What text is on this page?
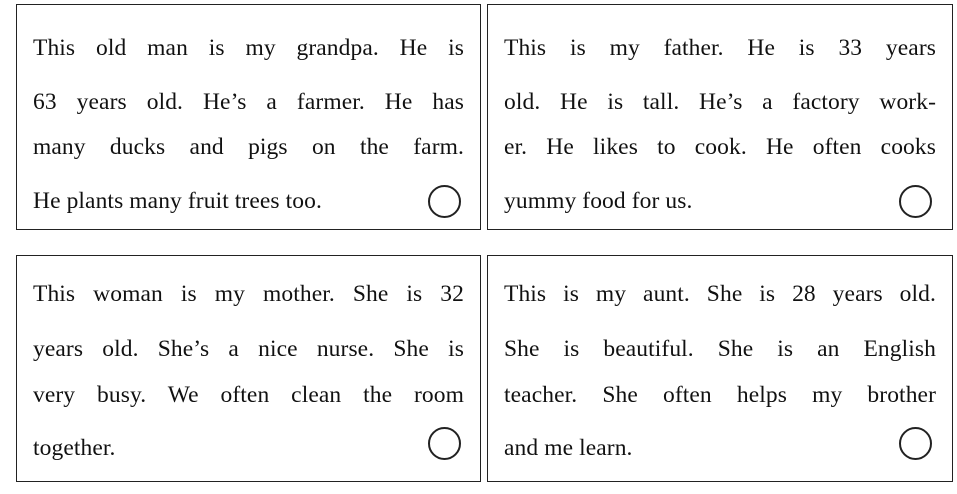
This old man is my grandpa. He is
63 years old. He’s a farmer. He has
many ducks and pigs on the farm.
He plants many fruit trees too.
This is my father. He is 33 years
old. He is tall. He’s a factory work-
er. He likes to cook. He often cooks
yummy food for us.
This woman is my mother. She is 32
years old. She’s a nice nurse. She is
very busy. We often clean the room
together.
This is my aunt. She is 28 years old.
She is beautiful. She is an English
teacher. She often helps my brother
and me learn.
